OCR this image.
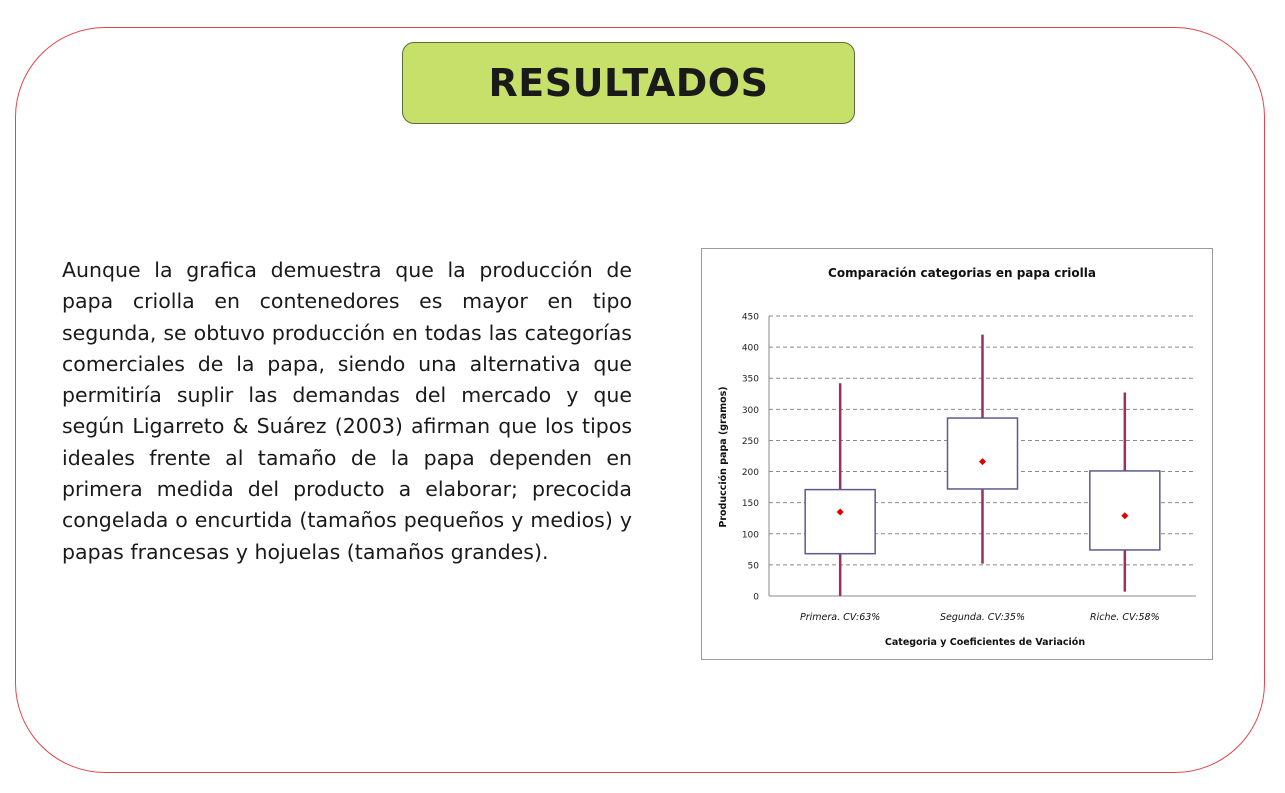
RESULTADOS

Aunque la grafica demuestra que la producción de papa criolla en contenedores es mayor en tipo segunda, se obtuvo producción en todas las categorías comerciales de la papa, siendo una alternativa que permitiría suplir las demandas del mercado y que según Ligarreto & Suárez (2003) afirman que los tipos ideales frente al tamaño de la papa dependen en primera medida del producto a elaborar; precocida congelada o encurtida (tamaños pequeños y medios) y papas francesas y hojuelas (tamaños grandes).

Comparación categorias en papa criolla
0
50
100
150
200
250
300
350
400
450
Primera. CV:63%	Segunda. CV:35%	Riche. CV:58%
Producción papa (gramos)
Categoria y Coeficientes de Variación
